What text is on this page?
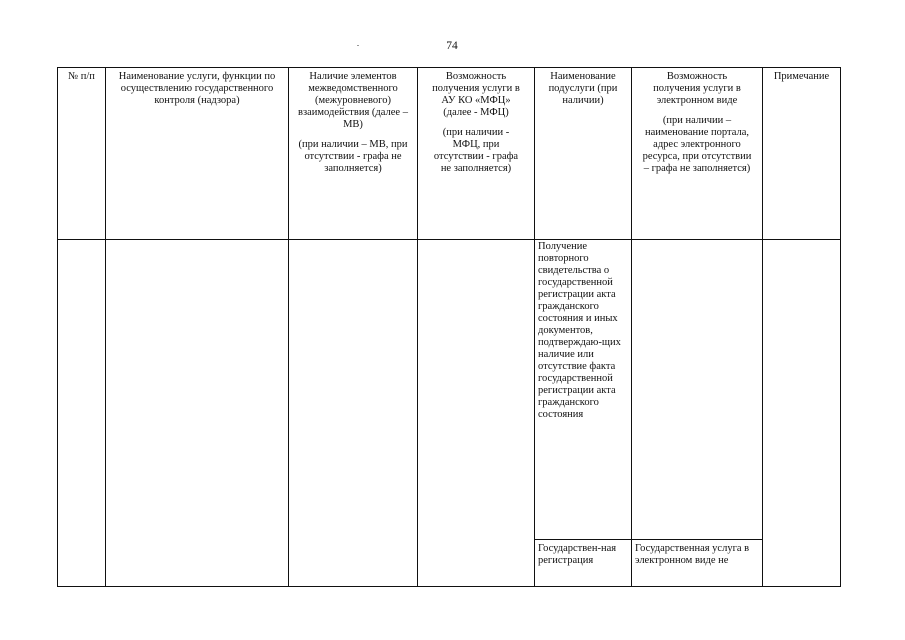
74

№ п/п	Наименование услуги, функции по осуществлению государственного контроля (надзора)

Наличие элементов межведомственного (межуровневого) взаимодействия (далее – МВ)

(при наличии – МВ, при отсутствии - графа не заполняется)

Возможность получения услуги в АУ КО «МФЦ» (далее - МФЦ)

(при наличии - МФЦ, при отсутствии - графа не заполняется)

Наименование подуслуги (при наличии)

Возможность получения услуги в электронном виде

(при наличии – наименование портала, адрес электронного ресурса, при отсутствии – графа не заполняется)

Примечание

Получение повторного свидетельства о государственной регистрации акта гражданского состояния и иных документов, подтверждаю-щих наличие или отсутствие факта государственной регистрации акта гражданского состояния

Государствен-ная регистрация

Государственная услуга в электронном виде не
